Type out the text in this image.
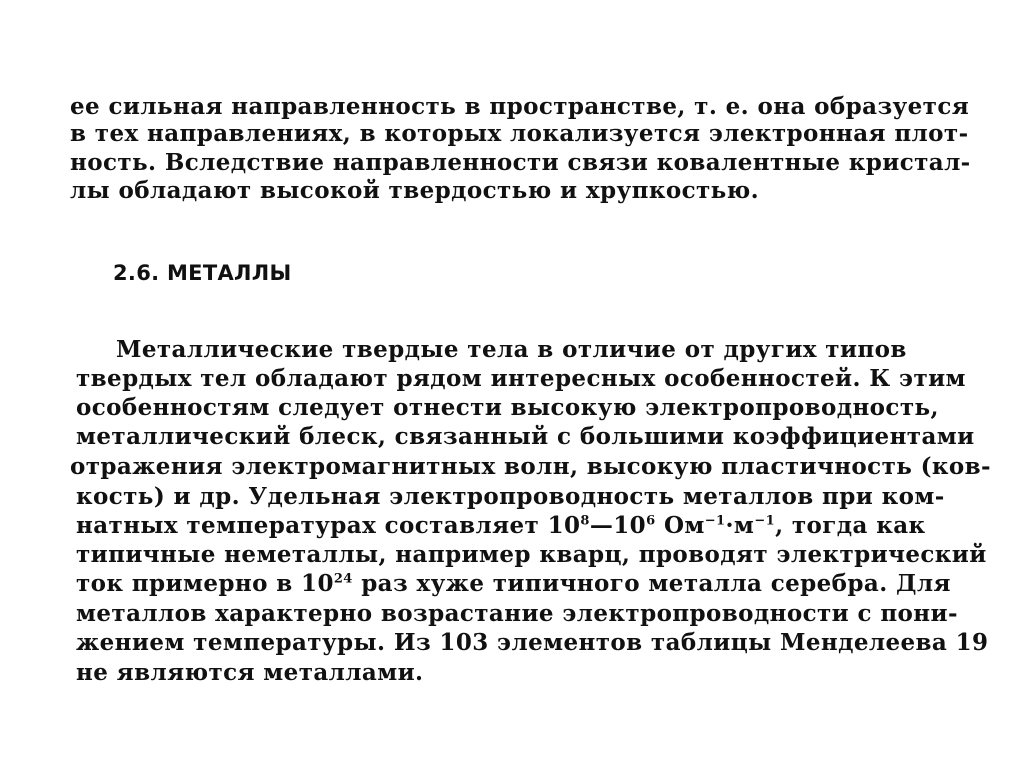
ее сильная направленность в пространстве, т. е. она образуется
в тех направлениях, в которых локализуется электронная плот-
ность. Вследствие направленности связи ковалентные кристал-
лы обладают высокой твердостью и хрупкостью.
2.6. МЕТАЛЛЫ
Металлические твердые тела в отличие от других типов
твердых тел обладают рядом интересных особенностей. К этим
особенностям следует отнести высокую электропроводность,
металлический блеск, связанный с большими коэффициентами
отражения электромагнитных волн, высокую пластичность (ков-
кость) и др. Удельная электропроводность металлов при ком-
натных температурах составляет $10^8—10^6$ $Ом^{-1}\cdot м^{-1}$, тогда как
типичные неметаллы, например кварц, проводят электрический
ток примерно в $10^{24}$ раз хуже типичного металла серебра. Для
металлов характерно возрастание электропроводности с пони-
жением температуры. Из 103 элементов таблицы Менделеева 19
не являются металлами.
